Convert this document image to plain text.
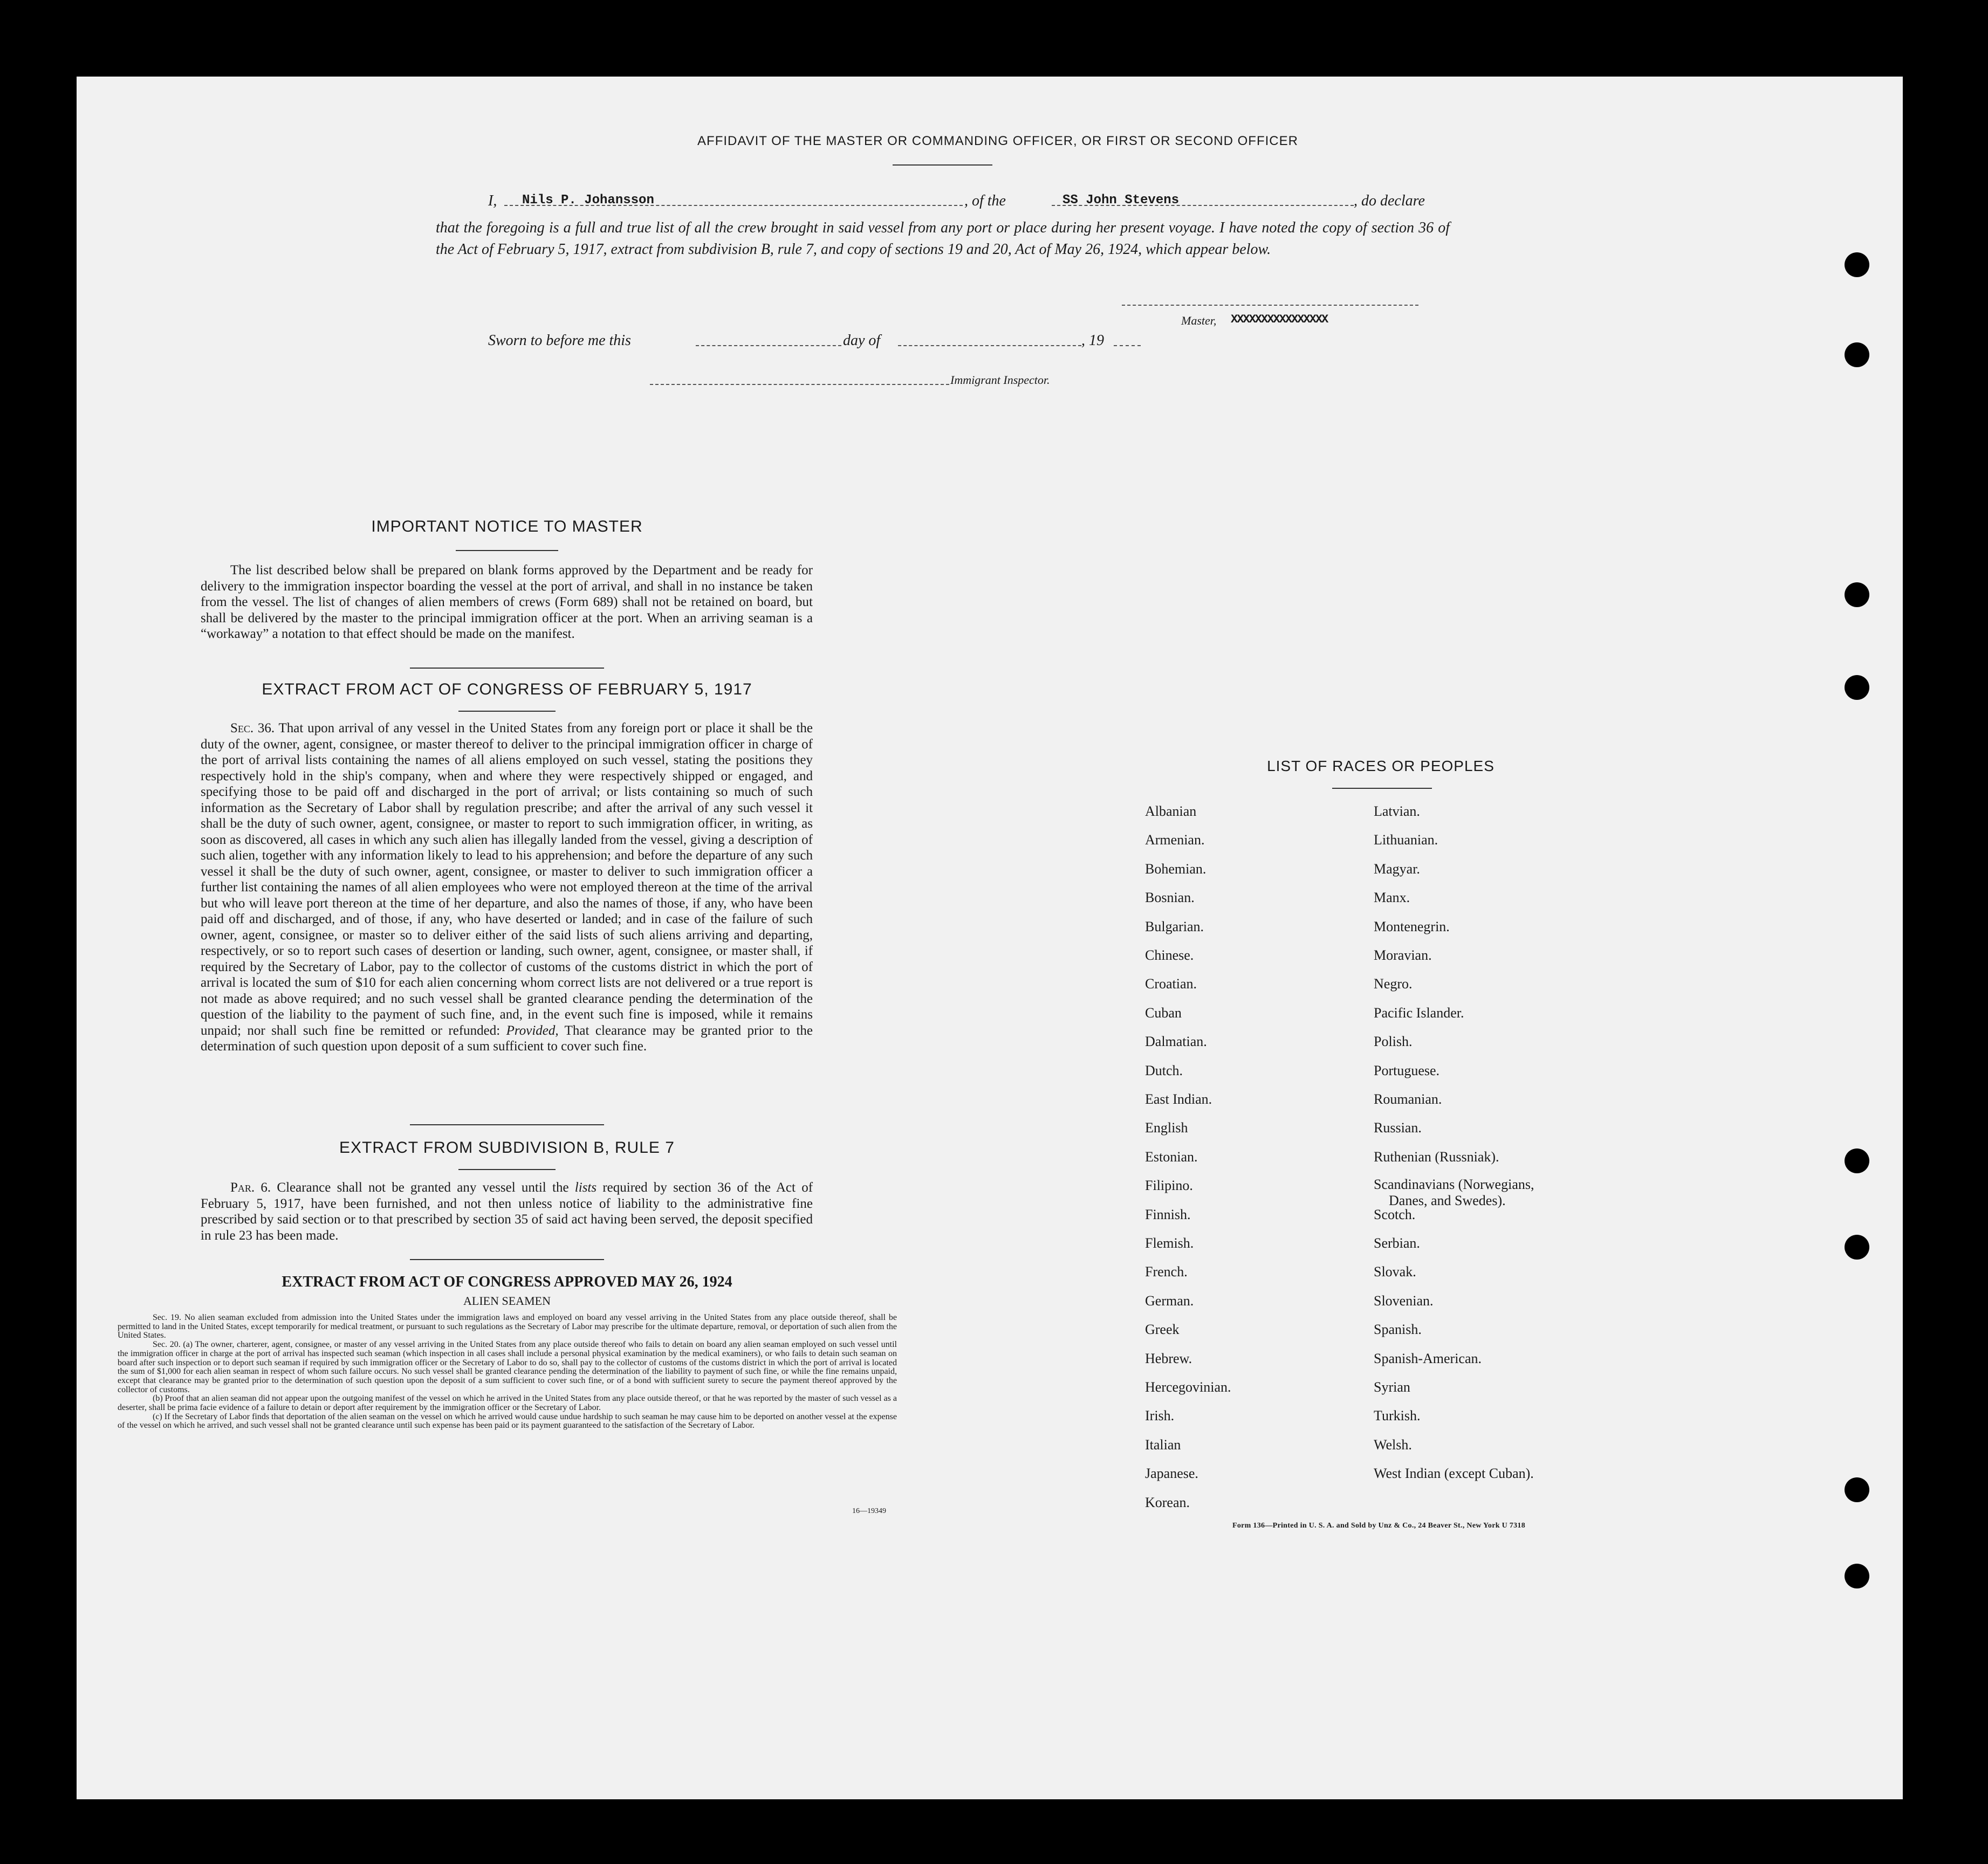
AFFIDAVIT OF THE MASTER OR COMMANDING OFFICER, OR FIRST OR SECOND OFFICER
I,	Nils P. Johansson	, of the	SS John Stevens	, do declare
that the foregoing is a full and true list of all the crew brought in said vessel from any port or place during her present voyage. I have noted the copy of section 36 of the Act of February 5, 1917, extract from subdivision B, rule 7, and copy of sections 19 and 20, Act of May 26, 1924, which appear below.
Master, XXXXXXXXXXXXXXXX
Sworn to before me this	day of	, 19
Immigrant Inspector.
IMPORTANT NOTICE TO MASTER
The list described below shall be prepared on blank forms approved by the Department and be ready for delivery to the immigration inspector boarding the vessel at the port of arrival, and shall in no instance be taken from the vessel. The list of changes of alien members of crews (Form 689) shall not be retained on board, but shall be delivered by the master to the principal immigration officer at the port. When an arriving seaman is a “workaway” a notation to that effect should be made on the manifest.
EXTRACT FROM ACT OF CONGRESS OF FEBRUARY 5, 1917
Sec. 36. That upon arrival of any vessel in the United States from any foreign port or place it shall be the duty of the owner, agent, consignee, or master thereof to deliver to the principal immigration officer in charge of the port of arrival lists containing the names of all aliens employed on such vessel, stating the positions they respectively hold in the ship's company, when and where they were respectively shipped or engaged, and specifying those to be paid off and discharged in the port of arrival; or lists containing so much of such information as the Secretary of Labor shall by regulation prescribe; and after the arrival of any such vessel it shall be the duty of such owner, agent, consignee, or master to report to such immigration officer, in writing, as soon as discovered, all cases in which any such alien has illegally landed from the vessel, giving a description of such alien, together with any information likely to lead to his apprehension; and before the departure of any such vessel it shall be the duty of such owner, agent, consignee, or master to deliver to such immigration officer a further list containing the names of all alien employees who were not employed thereon at the time of the arrival but who will leave port thereon at the time of her departure, and also the names of those, if any, who have been paid off and discharged, and of those, if any, who have deserted or landed; and in case of the failure of such owner, agent, consignee, or master so to deliver either of the said lists of such aliens arriving and departing, respectively, or so to report such cases of desertion or landing, such owner, agent, consignee, or master shall, if required by the Secretary of Labor, pay to the collector of customs of the customs district in which the port of arrival is located the sum of $10 for each alien concerning whom correct lists are not delivered or a true report is not made as above required; and no such vessel shall be granted clearance pending the determination of the question of the liability to the payment of such fine, and, in the event such fine is imposed, while it remains unpaid; nor shall such fine be remitted or refunded: Provided, That clearance may be granted prior to the determination of such question upon deposit of a sum sufficient to cover such fine.
EXTRACT FROM SUBDIVISION B, RULE 7
Par. 6. Clearance shall not be granted any vessel until the lists required by section 36 of the Act of February 5, 1917, have been furnished, and not then unless notice of liability to the administrative fine prescribed by said section or to that prescribed by section 35 of said act having been served, the deposit specified in rule 23 has been made.
EXTRACT FROM ACT OF CONGRESS APPROVED MAY 26, 1924
ALIEN SEAMEN
Sec. 19. No alien seaman excluded from admission into the United States under the immigration laws and employed on board any vessel arriving in the United States from any place outside thereof, shall be permitted to land in the United States, except temporarily for medical treatment, or pursuant to such regulations as the Secretary of Labor may prescribe for the ultimate departure, removal, or deportation of such alien from the United States.
Sec. 20. (a) The owner, charterer, agent, consignee, or master of any vessel arriving in the United States from any place outside thereof who fails to detain on board any alien seaman employed on such vessel until the immigration officer in charge at the port of arrival has inspected such seaman (which inspection in all cases shall include a personal physical examination by the medical examiners), or who fails to detain such seaman on board after such inspection or to deport such seaman if required by such immigration officer or the Secretary of Labor to do so, shall pay to the collector of customs of the customs district in which the port of arrival is located the sum of $1,000 for each alien seaman in respect of whom such failure occurs. No such vessel shall be granted clearance pending the determination of the liability to payment of such fine, or while the fine remains unpaid, except that clearance may be granted prior to the determination of such question upon the deposit of a sum sufficient to cover such fine, or of a bond with sufficient surety to secure the payment thereof approved by the collector of customs.
(b) Proof that an alien seaman did not appear upon the outgoing manifest of the vessel on which he arrived in the United States from any place outside thereof, or that he was reported by the master of such vessel as a deserter, shall be prima facie evidence of a failure to detain or deport after requirement by the immigration officer or the Secretary of Labor.
(c) If the Secretary of Labor finds that deportation of the alien seaman on the vessel on which he arrived would cause undue hardship to such seaman he may cause him to be deported on another vessel at the expense of the vessel on which he arrived, and such vessel shall not be granted clearance until such expense has been paid or its payment guaranteed to the satisfaction of the Secretary of Labor.
16—19349
LIST OF RACES OR PEOPLES
Albanian
Armenian.
Bohemian.
Bosnian.
Bulgarian.
Chinese.
Croatian.
Cuban
Dalmatian.
Dutch.
East Indian.
English
Estonian.
Filipino.
Finnish.
Flemish.
French.
German.
Greek
Hebrew.
Hercegovinian.
Irish.
Italian
Japanese.
Korean.
Latvian.
Lithuanian.
Magyar.
Manx.
Montenegrin.
Moravian.
Negro.
Pacific Islander.
Polish.
Portuguese.
Roumanian.
Russian.
Ruthenian (Russniak).
Scandinavians (Norwegians,
Danes, and Swedes).
Scotch.
Serbian.
Slovak.
Slovenian.
Spanish.
Spanish-American.
Syrian
Turkish.
Welsh.
West Indian (except Cuban).
Form 136—Printed in U. S. A. and Sold by Unz & Co., 24 Beaver St., New York U 7318
